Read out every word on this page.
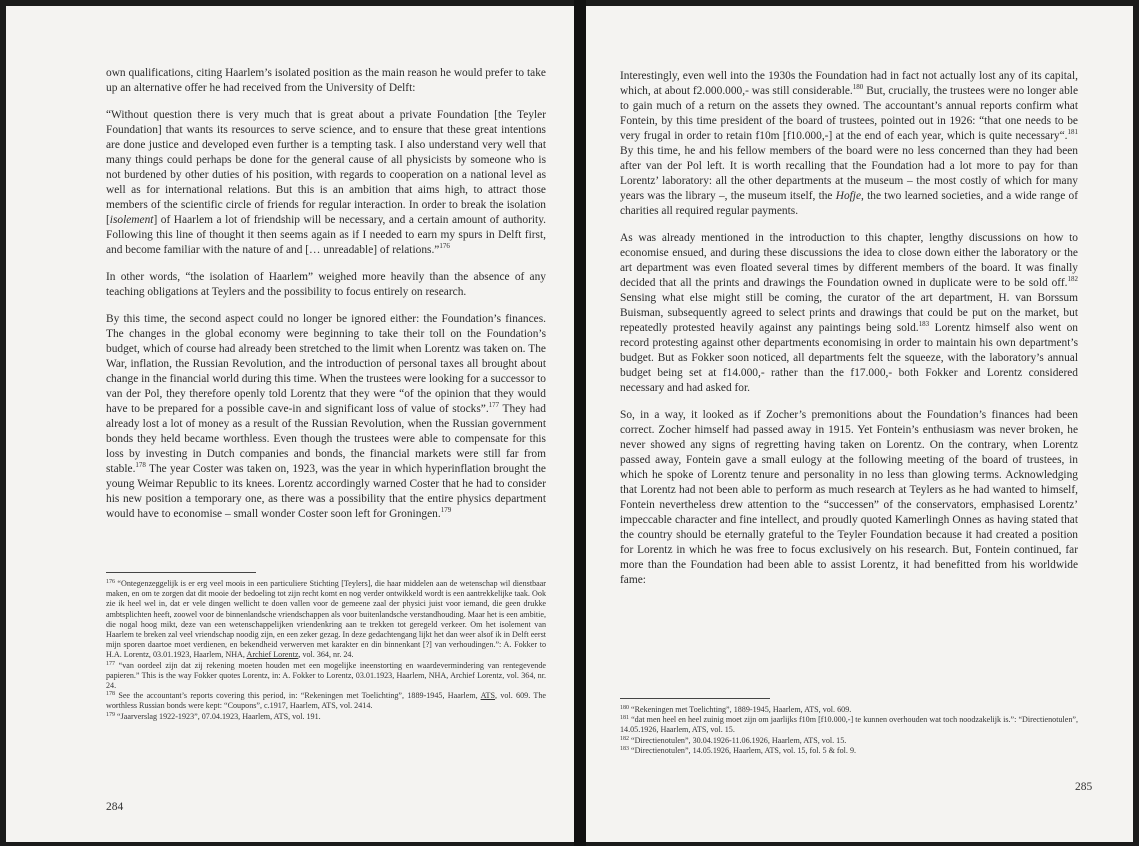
own qualifications, citing Haarlem’s isolated position as the main reason he would prefer to take up an alternative offer he had received from the University of Delft:

“Without question there is very much that is great about a private Foundation [the Teyler Foundation] that wants its resources to serve science, and to ensure that these great intentions are done justice and developed even further is a tempting task. I also understand very well that many things could perhaps be done for the general cause of all physicists by someone who is not burdened by other duties of his position, with regards to cooperation on a national level as well as for international relations. But this is an ambition that aims high, to attract those members of the scientific circle of friends for regular interaction. In order to break the isolation [isolement] of Haarlem a lot of friendship will be necessary, and a certain amount of authority. Following this line of thought it then seems again as if I needed to earn my spurs in Delft first, and become familiar with the nature of and [… unreadable] of relations.”$^{176}$

In other words, “the isolation of Haarlem” weighed more heavily than the absence of any teaching obligations at Teylers and the possibility to focus entirely on research.

By this time, the second aspect could no longer be ignored either: the Foundation’s finances. The changes in the global economy were beginning to take their toll on the Foundation’s budget, which of course had already been stretched to the limit when Lorentz was taken on. The War, inflation, the Russian Revolution, and the introduction of personal taxes all brought about change in the financial world during this time. When the trustees were looking for a successor to van der Pol, they therefore openly told Lorentz that they were “of the opinion that they would have to be prepared for a possible cave-in and significant loss of value of stocks”.$^{177}$ They had already lost a lot of money as a result of the Russian Revolution, when the Russian government bonds they held became worthless. Even though the trustees were able to compensate for this loss by investing in Dutch companies and bonds, the financial markets were still far from stable.$^{178}$ The year Coster was taken on, 1923, was the year in which hyperinflation brought the young Weimar Republic to its knees. Lorentz accordingly warned Coster that he had to consider his new position a temporary one, as there was a possibility that the entire physics department would have to economise – small wonder Coster soon left for Groningen.$^{179}$

$^{176}$ “Ontegenzeggelijk is er erg veel moois in een particuliere Stichting [Teylers], die haar middelen aan de wetenschap wil dienstbaar maken, en om te zorgen dat dit mooie der bedoeling tot zijn recht komt en nog verder ontwikkeld wordt is een aantrekkelijke taak. Ook zie ik heel wel in, dat er vele dingen wellicht te doen vallen voor de gemeene zaal der physici juist voor iemand, die geen drukke ambtsplichten heeft, zoowel voor de binnenlandsche vriendschappen als voor buitenlandsche verstandhouding. Maar het is een ambitie, die nogal hoog mikt, deze van een wetenschappelijken vriendenkring aan te trekken tot geregeld verkeer. Om het isolement van Haarlem te breken zal veel vriendschap noodig zijn, en een zeker gezag. In deze gedachtengang lijkt het dan weer alsof ik in Delft eerst mijn sporen daartoe moet verdienen, en bekendheid verwerven met karakter en din binnenkant [?] van verhoudingen.”: A. Fokker to H.A. Lorentz, 03.01.1923, Haarlem, NHA, Archief Lorentz, vol. 364, nr. 24.
$^{177}$ “van oordeel zijn dat zij rekening moeten houden met een mogelijke ineenstorting en waardevermindering van rentegevende papieren.” This is the way Fokker quotes Lorentz, in: A. Fokker to Lorentz, 03.01.1923, Haarlem, NHA, Archief Lorentz, vol. 364, nr. 24.
$^{178}$ See the accountant’s reports covering this period, in: “Rekeningen met Toelichting”, 1889-1945, Haarlem, ATS, vol. 609. The worthless Russian bonds were kept: “Coupons”, c.1917, Haarlem, ATS, vol. 2414.
$^{179}$ “Jaarverslag 1922-1923”, 07.04.1923, Haarlem, ATS, vol. 191.
284

Interestingly, even well into the 1930s the Foundation had in fact not actually lost any of its capital, which, at about f2.000.000,- was still considerable.$^{180}$ But, crucially, the trustees were no longer able to gain much of a return on the assets they owned. The accountant’s annual reports confirm what Fontein, by this time president of the board of trustees, pointed out in 1926: “that one needs to be very frugal in order to retain f10m [f10.000,-] at the end of each year, which is quite necessary“.$^{181}$ By this time, he and his fellow members of the board were no less concerned than they had been after van der Pol left. It is worth recalling that the Foundation had a lot more to pay for than Lorentz’ laboratory: all the other departments at the museum – the most costly of which for many years was the library –, the museum itself, the Hofje, the two learned societies, and a wide range of charities all required regular payments.

As was already mentioned in the introduction to this chapter, lengthy discussions on how to economise ensued, and during these discussions the idea to close down either the laboratory or the art department was even floated several times by different members of the board. It was finally decided that all the prints and drawings the Foundation owned in duplicate were to be sold off.$^{182}$ Sensing what else might still be coming, the curator of the art department, H. van Borssum Buisman, subsequently agreed to select prints and drawings that could be put on the market, but repeatedly protested heavily against any paintings being sold.$^{183}$ Lorentz himself also went on record protesting against other departments economising in order to maintain his own department’s budget. But as Fokker soon noticed, all departments felt the squeeze, with the laboratory’s annual budget being set at f14.000,- rather than the f17.000,- both Fokker and Lorentz considered necessary and had asked for.

So, in a way, it looked as if Zocher’s premonitions about the Foundation’s finances had been correct. Zocher himself had passed away in 1915. Yet Fontein’s enthusiasm was never broken, he never showed any signs of regretting having taken on Lorentz. On the contrary, when Lorentz passed away, Fontein gave a small eulogy at the following meeting of the board of trustees, in which he spoke of Lorentz tenure and personality in no less than glowing terms. Acknowledging that Lorentz had not been able to perform as much research at Teylers as he had wanted to himself, Fontein nevertheless drew attention to the “successen” of the conservators, emphasised Lorentz’ impeccable character and fine intellect, and proudly quoted Kamerlingh Onnes as having stated that the country should be eternally grateful to the Teyler Foundation because it had created a position for Lorentz in which he was free to focus exclusively on his research. But, Fontein continued, far more than the Foundation had been able to assist Lorentz, it had benefitted from his worldwide fame:

$^{180}$ “Rekeningen met Toelichting”, 1889-1945, Haarlem, ATS, vol. 609.
$^{181}$ “dat men heel en heel zuinig moet zijn om jaarlijks f10m [f10.000,-] te kunnen overhouden wat toch noodzakelijk is.”: “Directienotulen”, 14.05.1926, Haarlem, ATS, vol. 15.
$^{182}$ “Directienotulen”, 30.04.1926-11.06.1926, Haarlem, ATS, vol. 15.
$^{183}$ “Directienotulen”, 14.05.1926, Haarlem, ATS, vol. 15, fol. 5 & fol. 9.
285
